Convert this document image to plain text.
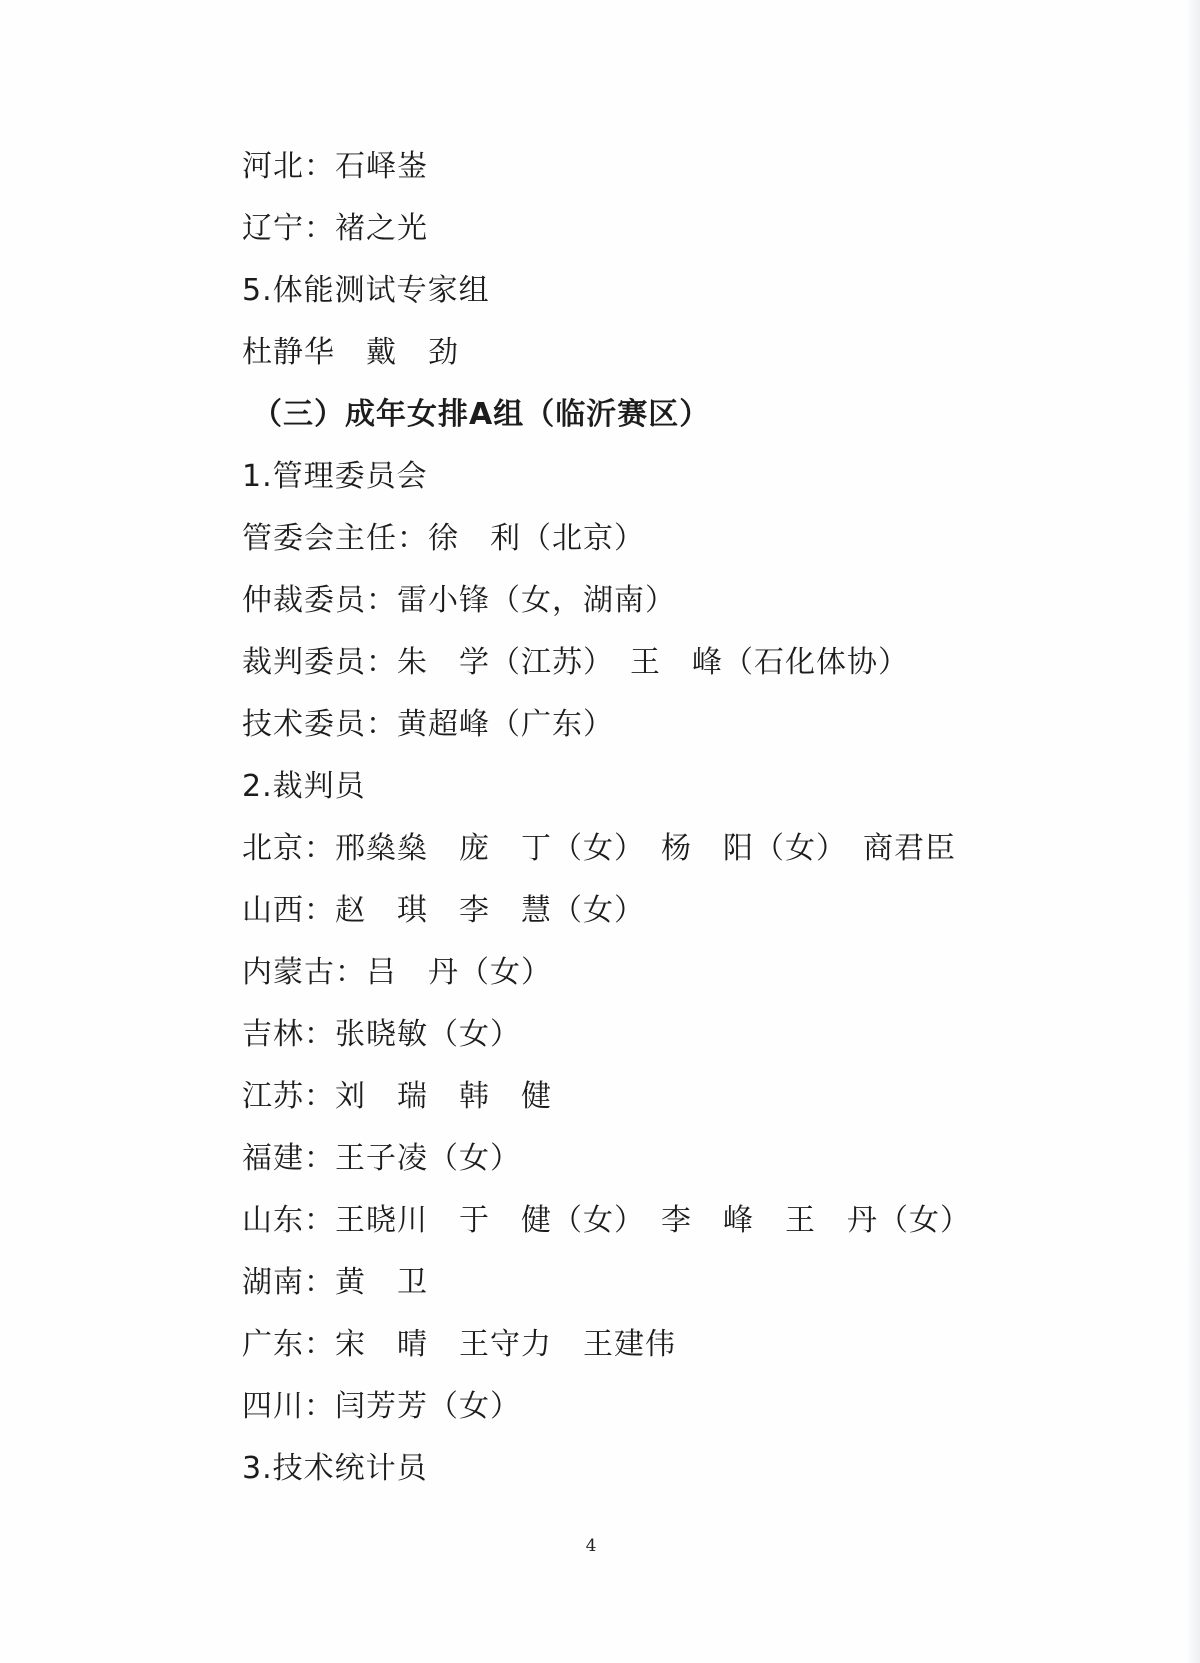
河北：石峄崟
辽宁：褚之光
5.体能测试专家组
杜静华　戴　劲
（三）成年女排A组（临沂赛区）
1.管理委员会
管委会主任：徐　利（北京）
仲裁委员：雷小锋（女，湖南）
裁判委员：朱　学（江苏）　王　峰（石化体协）
技术委员：黄超峰（广东）
2.裁判员
北京：邢燊燊　庞　丁（女）　杨　阳（女）　商君臣
山西：赵　琪　李　慧（女）
内蒙古：吕　丹（女）
吉林：张晓敏（女）
江苏：刘　瑞　韩　健
福建：王子凌（女）
山东：王晓川　于　健（女）　李　峰　王　丹（女）
湖南：黄　卫
广东：宋　晴　王守力　王建伟
四川：闫芳芳（女）
3.技术统计员
4
